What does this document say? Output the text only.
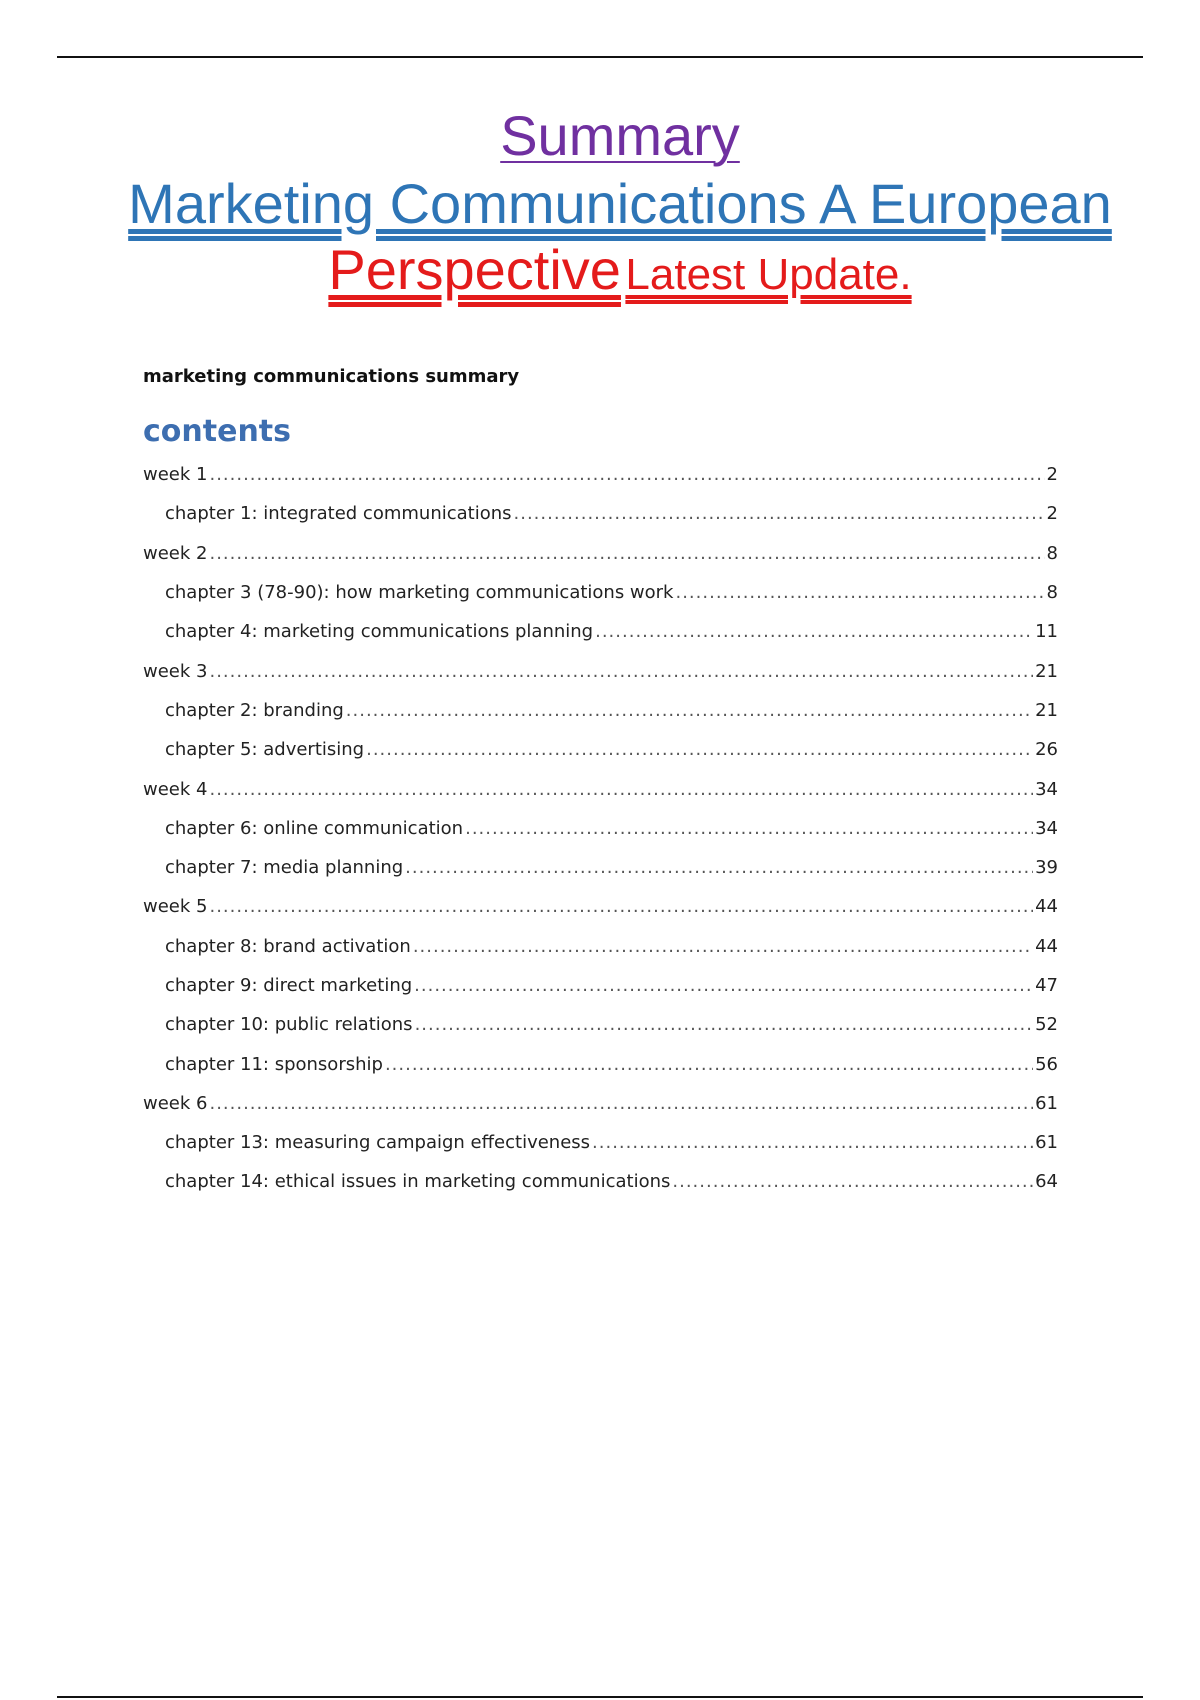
Summary
Marketing Communications A European
Perspective Latest Update.
marketing communications summary
contents
week 1 .....	2
chapter 1: integrated communications .....	2
week 2 .....	8
chapter 3 (78-90): how marketing communications work .....	8
chapter 4: marketing communications planning .....	11
week 3 .....	21
chapter 2: branding .....	21
chapter 5: advertising .....	26
week 4 .....	34
chapter 6: online communication .....	34
chapter 7: media planning .....	39
week 5 .....	44
chapter 8: brand activation .....	44
chapter 9: direct marketing .....	47
chapter 10: public relations .....	52
chapter 11: sponsorship .....	56
week 6 .....	61
chapter 13: measuring campaign effectiveness .....	61
chapter 14: ethical issues in marketing communications .....	64
